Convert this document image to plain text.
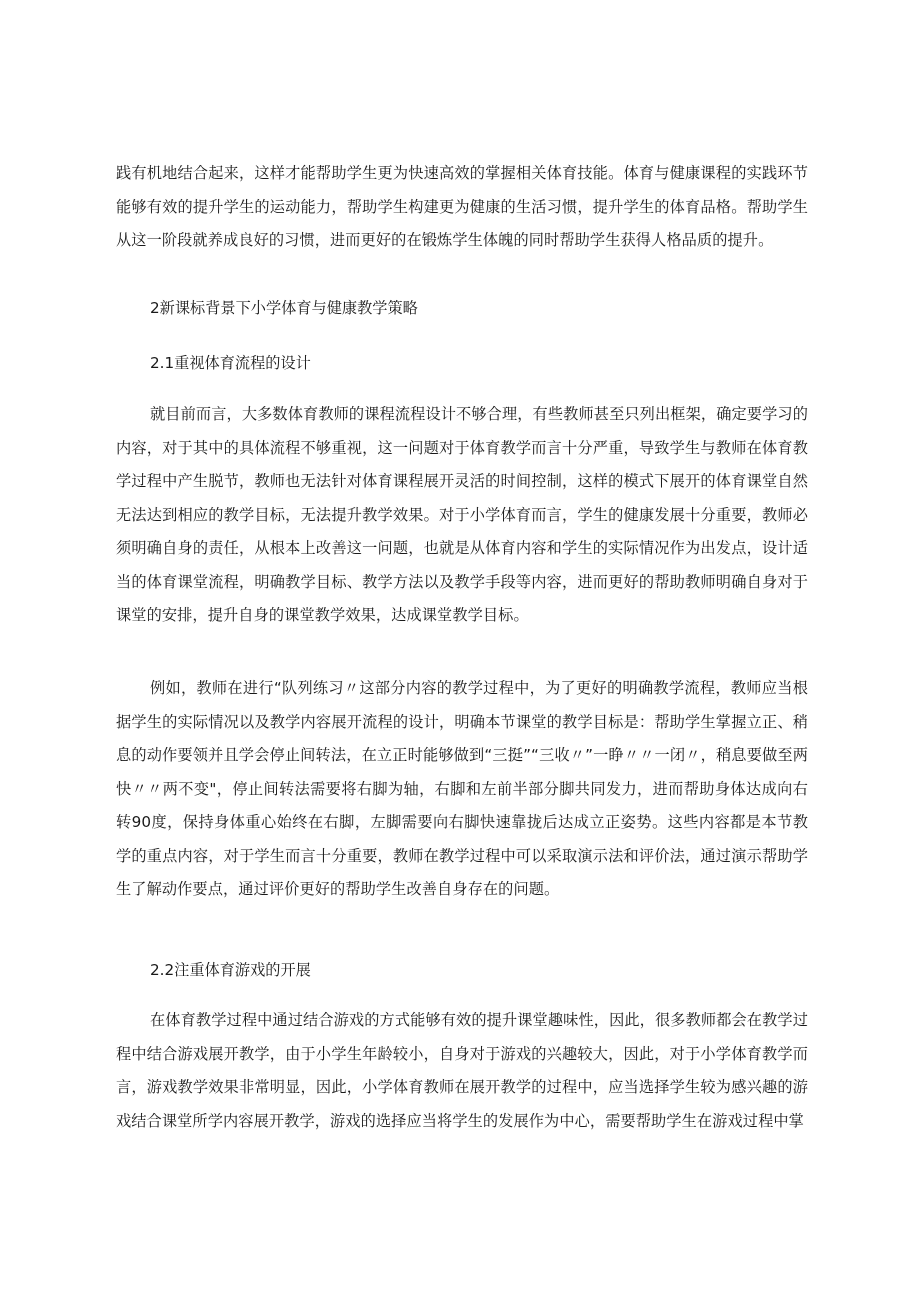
践有机地结合起来，这样才能帮助学生更为快速高效的掌握相关体育技能。体育与健康课程的实践环节能够有效的提升学生的运动能力，帮助学生构建更为健康的生活习惯，提升学生的体育品格。帮助学生从这一阶段就养成良好的习惯，进而更好的在锻炼学生体魄的同时帮助学生获得人格品质的提升。
2新课标背景下小学体育与健康教学策略
2.1重视体育流程的设计
就目前而言，大多数体育教师的课程流程设计不够合理，有些教师甚至只列出框架，确定要学习的内容，对于其中的具体流程不够重视，这一问题对于体育教学而言十分严重，导致学生与教师在体育教学过程中产生脱节，教师也无法针对体育课程展开灵活的时间控制，这样的模式下展开的体育课堂自然无法达到相应的教学目标，无法提升教学效果。对于小学体育而言，学生的健康发展十分重要，教师必须明确自身的责任，从根本上改善这一问题，也就是从体育内容和学生的实际情况作为出发点，设计适当的体育课堂流程，明确教学目标、教学方法以及教学手段等内容，进而更好的帮助教师明确自身对于课堂的安排，提升自身的课堂教学效果，达成课堂教学目标。
例如，教师在进行“队列练习〃这部分内容的教学过程中，为了更好的明确教学流程，教师应当根据学生的实际情况以及教学内容展开流程的设计，明确本节课堂的教学目标是：帮助学生掌握立正、稍息的动作要领并且学会停止间转法，在立正时能够做到“三挺”“三收〃”一睁〃〃一闭〃，稍息要做至两快〃〃两不变"，停止间转法需要将右脚为轴，右脚和左前半部分脚共同发力，进而帮助身体达成向右转90度，保持身体重心始终在右脚，左脚需要向右脚快速靠拢后达成立正姿势。这些内容都是本节教学的重点内容，对于学生而言十分重要，教师在教学过程中可以采取演示法和评价法，通过演示帮助学生了解动作要点，通过评价更好的帮助学生改善自身存在的问题。
2.2注重体育游戏的开展
在体育教学过程中通过结合游戏的方式能够有效的提升课堂趣味性，因此，很多教师都会在教学过程中结合游戏展开教学，由于小学生年龄较小，自身对于游戏的兴趣较大，因此，对于小学体育教学而言，游戏教学效果非常明显，因此，小学体育教师在展开教学的过程中，应当选择学生较为感兴趣的游戏结合课堂所学内容展开教学，游戏的选择应当将学生的发展作为中心，需要帮助学生在游戏过程中掌
